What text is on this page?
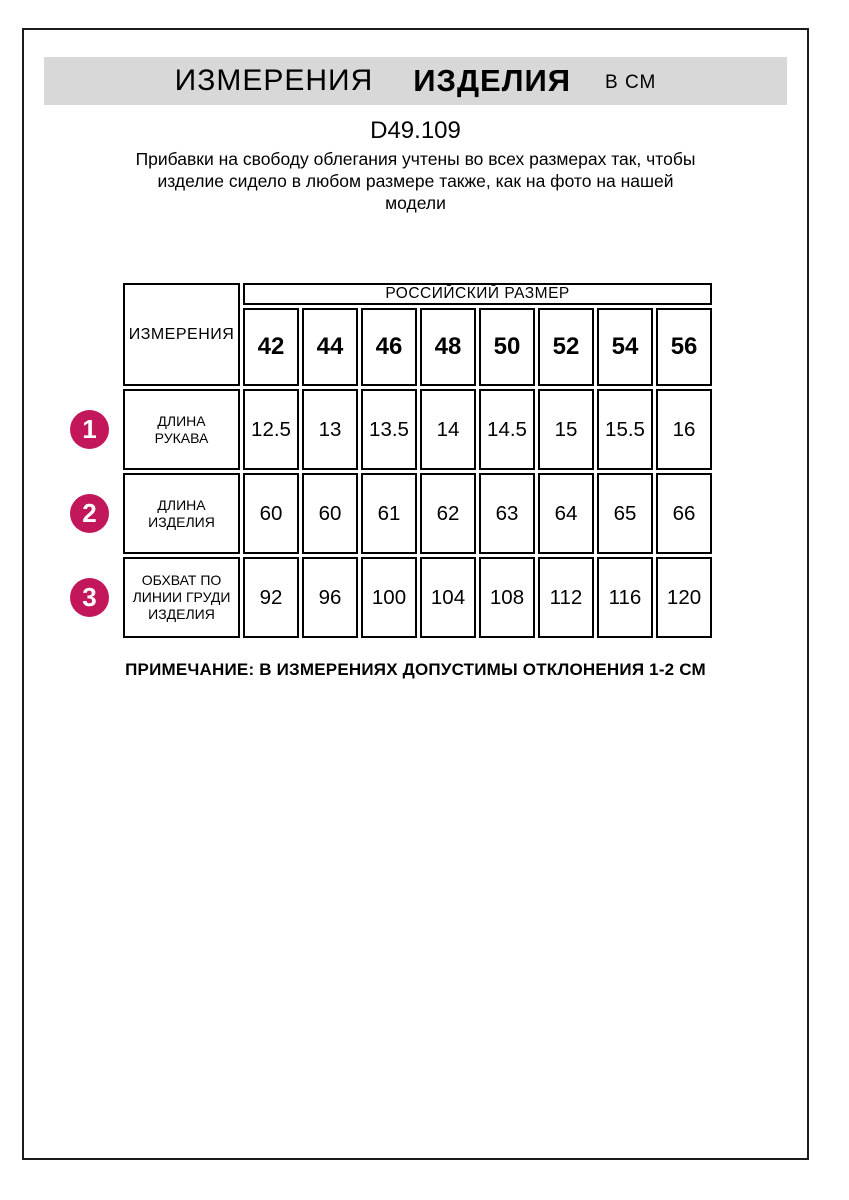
ИЗМЕРЕНИЯ ИЗДЕЛИЯ В СМ
D49.109
Прибавки на свободу облегания учтены во всех размерах так, чтобы
изделие сидело в любом размере также, как на фото на нашей
модели
1
2
3
ИЗМЕРЕНИЯ	РОССИЙСКИЙ РАЗМЕР							
	42	44	46	48	50	52	54	56
ДЛИНА РУКАВА	12.5	13	13.5	14	14.5	15	15.5	16
ДЛИНА ИЗДЕЛИЯ	60	60	61	62	63	64	65	66
ОБХВАТ ПО ЛИНИИ ГРУДИ ИЗДЕЛИЯ	92	96	100	104	108	112	116	120
ПРИМЕЧАНИЕ: В ИЗМЕРЕНИЯХ ДОПУСТИМЫ ОТКЛОНЕНИЯ 1-2 СМ
